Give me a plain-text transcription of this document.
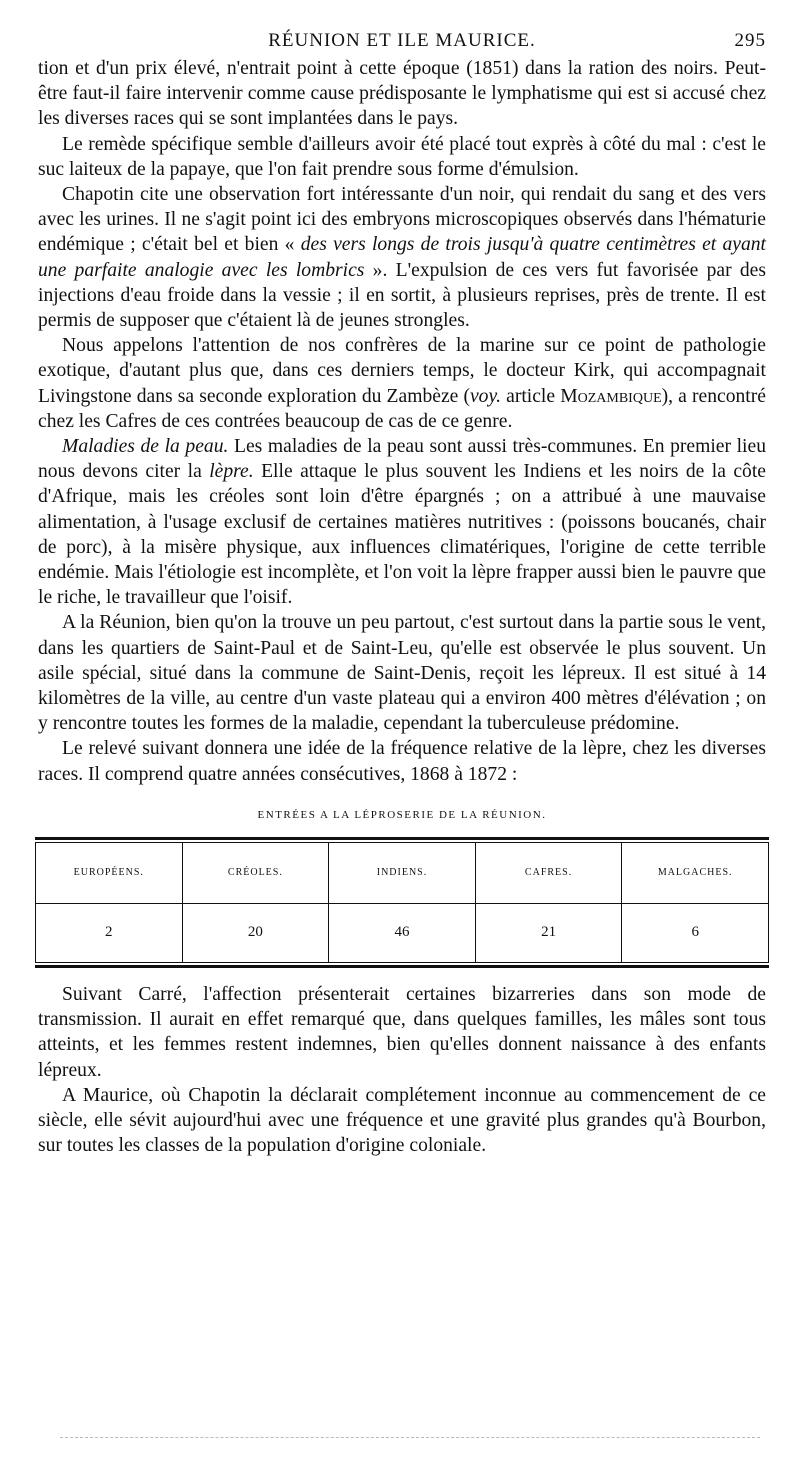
RÉUNION ET ILE MAURICE.	295

tion et d'un prix élevé, n'entrait point à cette époque (1851) dans la ration des noirs. Peut-être faut-il faire intervenir comme cause prédisposante le lymphatisme qui est si accusé chez les diverses races qui se sont implantées dans le pays.

Le remède spécifique semble d'ailleurs avoir été placé tout exprès à côté du mal : c'est le suc laiteux de la papaye, que l'on fait prendre sous forme d'émulsion.

Chapotin cite une observation fort intéressante d'un noir, qui rendait du sang et des vers avec les urines. Il ne s'agit point ici des embryons microscopiques observés dans l'hématurie endémique ; c'était bel et bien « des vers longs de trois jusqu'à quatre centimètres et ayant une parfaite analogie avec les lombrics ». L'expulsion de ces vers fut favorisée par des injections d'eau froide dans la vessie ; il en sortit, à plusieurs reprises, près de trente. Il est permis de supposer que c'étaient là de jeunes strongles.

Nous appelons l'attention de nos confrères de la marine sur ce point de pathologie exotique, d'autant plus que, dans ces derniers temps, le docteur Kirk, qui accompagnait Livingstone dans sa seconde exploration du Zambèze (voy. article Mozambique), a rencontré chez les Cafres de ces contrées beaucoup de cas de ce genre.

Maladies de la peau. Les maladies de la peau sont aussi très-communes. En premier lieu nous devons citer la lèpre. Elle attaque le plus souvent les Indiens et les noirs de la côte d'Afrique, mais les créoles sont loin d'être épargnés ; on a attribué à une mauvaise alimentation, à l'usage exclusif de certaines matières nutritives : (poissons boucanés, chair de porc), à la misère physique, aux influences climatériques, l'origine de cette terrible endémie. Mais l'étiologie est incomplète, et l'on voit la lèpre frapper aussi bien le pauvre que le riche, le travailleur que l'oisif.

A la Réunion, bien qu'on la trouve un peu partout, c'est surtout dans la partie sous le vent, dans les quartiers de Saint-Paul et de Saint-Leu, qu'elle est observée le plus souvent. Un asile spécial, situé dans la commune de Saint-Denis, reçoit les lépreux. Il est situé à 14 kilomètres de la ville, au centre d'un vaste plateau qui a environ 400 mètres d'élévation ; on y rencontre toutes les formes de la maladie, cependant la tuberculeuse prédomine.

Le relevé suivant donnera une idée de la fréquence relative de la lèpre, chez les diverses races. Il comprend quatre années consécutives, 1868 à 1872 :

ENTRÉES A LA LÉPROSERIE DE LA RÉUNION.
EUROPÉENS.	CRÉOLES.	INDIENS.	CAFRES.	MALGACHES.
2	20	46	21	6

Suivant Carré, l'affection présenterait certaines bizarreries dans son mode de transmission. Il aurait en effet remarqué que, dans quelques familles, les mâles sont tous atteints, et les femmes restent indemnes, bien qu'elles donnent naissance à des enfants lépreux.

A Maurice, où Chapotin la déclarait complétement inconnue au commencement de ce siècle, elle sévit aujourd'hui avec une fréquence et une gravité plus grandes qu'à Bourbon, sur toutes les classes de la population d'origine coloniale.
